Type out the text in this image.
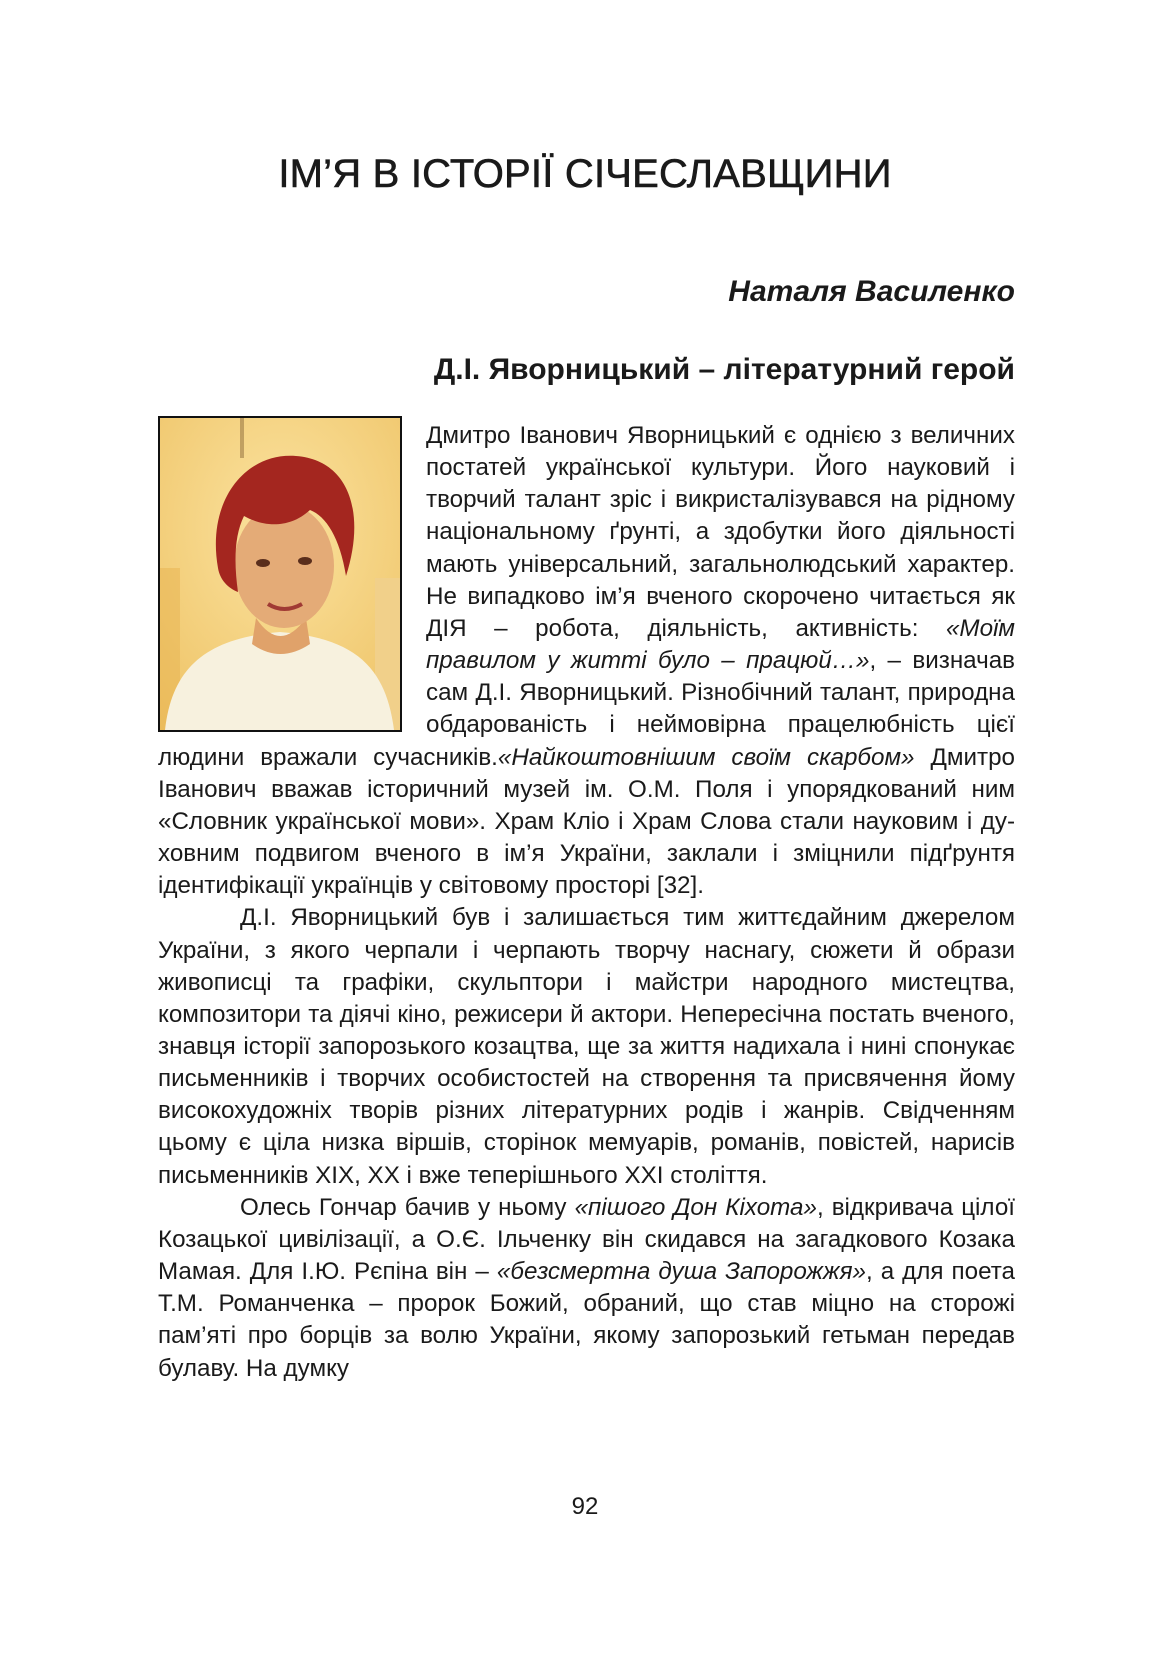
ІМ’Я В ІСТОРІЇ СІЧЕСЛАВЩИНИ
Наталя Василенко
Д.І. Яворницький – літературний герой

Дмитро Іванович Яворницький є однією з величних постатей української культури. Його науковий і творчий талант зріс і викристалізувався на рідному національному ґрунті, а здобутки його діяльності мають універсальний, загальнолюдський характер. Не випадково ім’я вченого скорочено читається як ДІЯ – робота, діяльність, активність: «Моїм правилом у житті було – працюй…», – визначав сам Д.І. Яворницький. Різнобічний талант, природна обдарованість і неймовірна працелюбність цієї людини вражали сучасників.«Найкоштовнішим своїм скарбом» Дмитро Іванович вважав історичний музей ім. О.М. Поля і упорядкований ним «Словник української мови». Храм Кліо і Храм Слова стали науковим і духовним подвигом вченого в ім’я України, заклали і зміцнили підґрунтя ідентифікації українців у світовому просторі [32].

Д.І. Яворницький був і залишається тим життєдайним джерелом України, з якого черпали і черпають творчу наснагу, сюжети й образи живописці та графіки, скульптори і майстри народного мистецтва, композитори та діячі кіно, режисери й актори. Непересічна постать вченого, знавця історії запорозького козацтва, ще за життя надихала і нині спонукає письменників і творчих особистостей на створення та присвячення йому високохудожніх творів різних літературних родів і жанрів. Свідченням цьому є ціла низка віршів, сторінок мемуарів, романів, повістей, нарисів письменників XIX, XX і вже теперішнього XXI століття.

Олесь Гончар бачив у ньому «пішого Дон Кіхота», відкривача цілої Козацької цивілізації, а О.Є. Ільченку він скидався на загадкового Козака Мамая. Для І.Ю. Рєпіна він – «безсмертна душа Запорожжя», а для поета Т.М. Романченка – пророк Божий, обраний, що став міцно на сторожі пам’яті про борців за волю України, якому запорозький гетьман передав булаву. На думку

92
